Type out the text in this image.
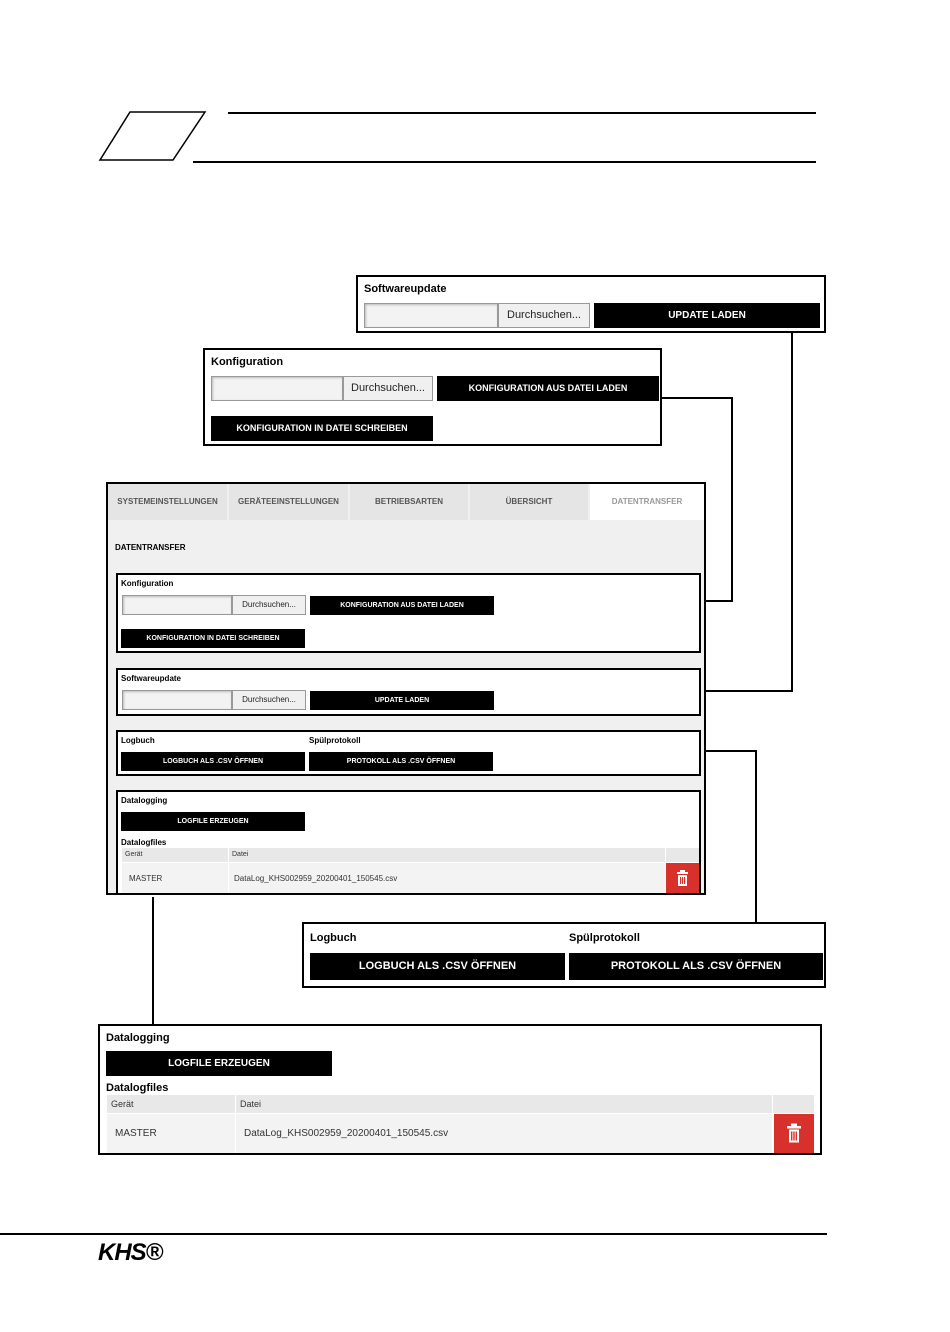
Softwareupdate
Durchsuchen...	UPDATE LADEN
Konfiguration
Durchsuchen...	KONFIGURATION AUS DATEI LADEN
KONFIGURATION IN DATEI SCHREIBEN
SYSTEMEINSTELLUNGEN	GERÄTEEINSTELLUNGEN	BETRIEBSARTEN	ÜBERSICHT	DATENTRANSFER
DATENTRANSFER
Konfiguration
Durchsuchen...	KONFIGURATION AUS DATEI LADEN
KONFIGURATION IN DATEI SCHREIBEN
Softwareupdate
Durchsuchen...	UPDATE LADEN
Logbuch	Spülprotokoll
LOGBUCH ALS .CSV ÖFFNEN	PROTOKOLL ALS .CSV ÖFFNEN
Datalogging
LOGFILE ERZEUGEN
Datalogfiles
Gerät	Datei
MASTER	DataLog_KHS002959_20200401_150545.csv
Logbuch	Spülprotokoll
LOGBUCH ALS .CSV ÖFFNEN	PROTOKOLL ALS .CSV ÖFFNEN
Datalogging
LOGFILE ERZEUGEN
Datalogfiles
Gerät	Datei
MASTER	DataLog_KHS002959_20200401_150545.csv
KHS®
